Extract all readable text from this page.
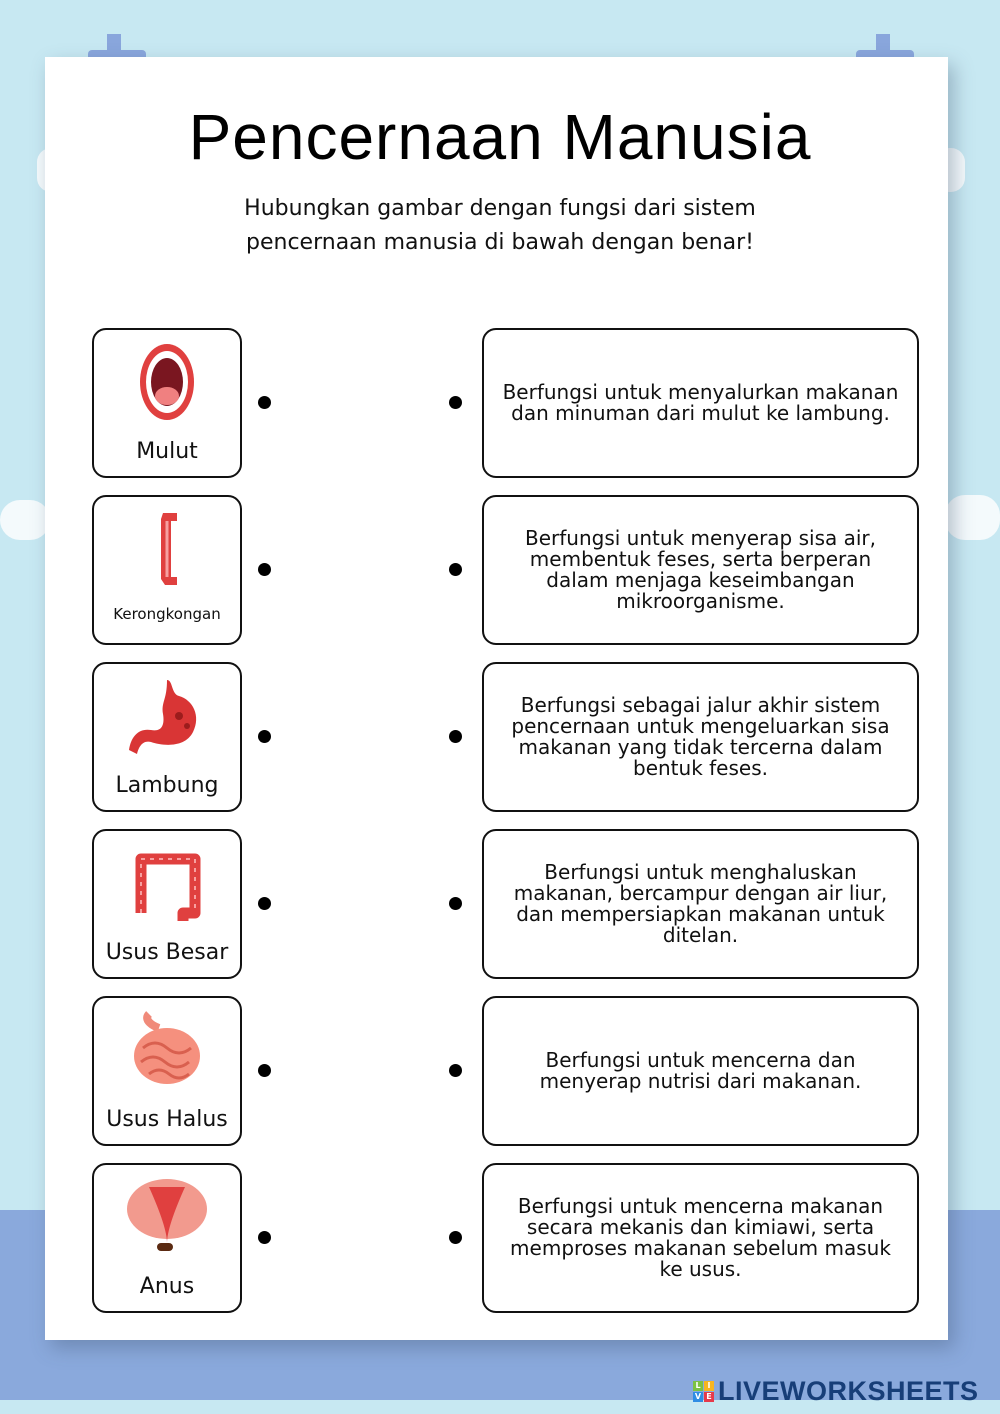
Pencernaan Manusia
Hubungkan gambar dengan fungsi dari sistem
pencernaan manusia di bawah dengan benar!
Mulut
Berfungsi untuk menyalurkan makanan dan minuman dari mulut ke lambung.
Kerongkongan
Berfungsi untuk menyerap sisa air, membentuk feses, serta berperan dalam menjaga keseimbangan mikroorganisme.
Lambung
Berfungsi sebagai jalur akhir sistem pencernaan untuk mengeluarkan sisa makanan yang tidak tercerna dalam bentuk feses.
Usus Besar
Berfungsi untuk menghaluskan makanan, bercampur dengan air liur, dan mempersiapkan makanan untuk ditelan.
Usus Halus
Berfungsi untuk mencerna dan menyerap nutrisi dari makanan.
Anus
Berfungsi untuk mencerna makanan secara mekanis dan kimiawi, serta memproses makanan sebelum masuk ke usus.
L I
V E LIVEWORKSHEETS
